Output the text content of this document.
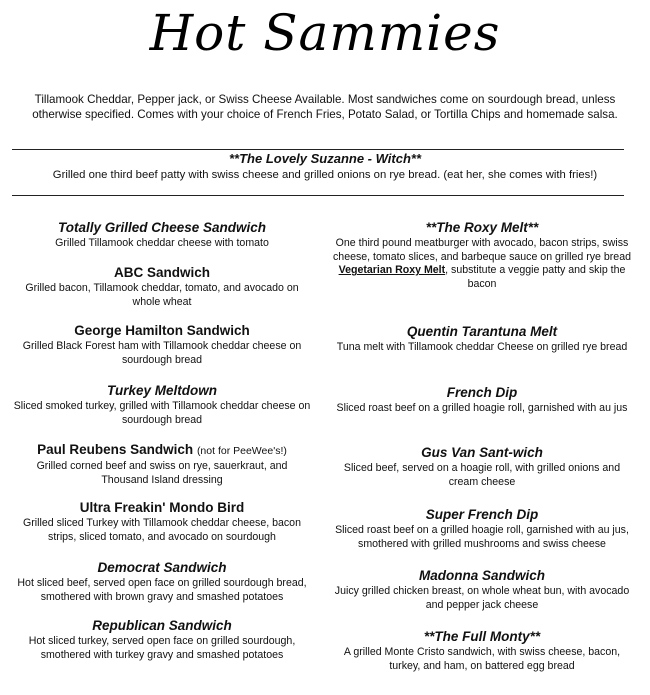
Hot Sammies
Tillamook Cheddar, Pepper jack, or Swiss Cheese Available. Most sandwiches come on sourdough bread, unless otherwise specified. Comes with your choice of French Fries, Potato Salad, or Tortilla Chips and homemade salsa.
**The Lovely Suzanne - Witch**
Grilled one third beef patty with swiss cheese and grilled onions on rye bread. (eat her, she comes with fries!)
Totally Grilled Cheese Sandwich
Grilled Tillamook cheddar cheese with tomato
ABC Sandwich
Grilled bacon, Tillamook cheddar, tomato, and avocado on whole wheat
George Hamilton Sandwich
Grilled Black Forest ham with Tillamook cheddar cheese on sourdough bread
Turkey Meltdown
Sliced smoked turkey, grilled with Tillamook cheddar cheese on sourdough bread
Paul Reubens Sandwich (not for PeeWee's!)
Grilled corned beef and swiss on rye, sauerkraut, and Thousand Island dressing
Ultra Freakin' Mondo Bird
Grilled sliced Turkey with Tillamook cheddar cheese, bacon strips, sliced tomato, and avocado on sourdough
Democrat Sandwich
Hot sliced beef, served open face on grilled sourdough bread, smothered with brown gravy and smashed potatoes
Republican Sandwich
Hot sliced turkey, served open face on grilled sourdough, smothered with turkey gravy and smashed potatoes
**The Roxy Melt**
One third pound meatburger with avocado, bacon strips, swiss cheese, tomato slices, and barbeque sauce on grilled rye bread
Vegetarian Roxy Melt, substitute a veggie patty and skip the bacon
Quentin Tarantuna Melt
Tuna melt with Tillamook cheddar Cheese on grilled rye bread
French Dip
Sliced roast beef on a grilled hoagie roll, garnished with au jus
Gus Van Sant-wich
Sliced beef, served on a hoagie roll, with grilled onions and cream cheese
Super French Dip
Sliced roast beef on a grilled hoagie roll, garnished with au jus, smothered with grilled mushrooms and swiss cheese
Madonna Sandwich
Juicy grilled chicken breast, on whole wheat bun, with avocado and pepper jack cheese
**The Full Monty**
A grilled Monte Cristo sandwich, with swiss cheese, bacon, turkey, and ham, on battered egg bread
